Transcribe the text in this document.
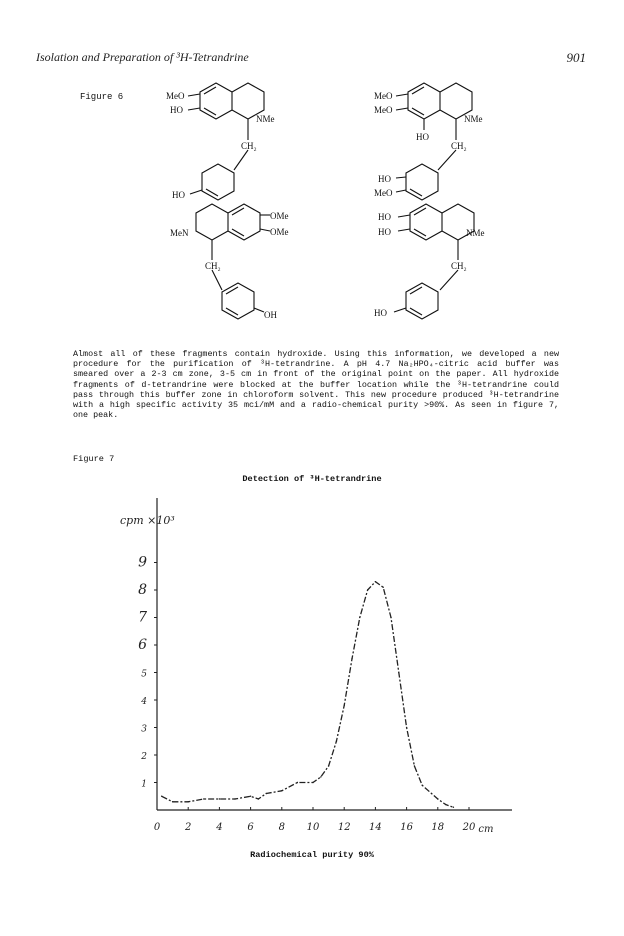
Isolation and Preparation of ³H-Tetrandrine	901
Figure 6	MeO
HO
NMe
CH₂
HO
OMe
OMe
MeN
CH₂
OH
MeO
MeO
HO
NMe
CH₂
HO
MeO
HO
HO	NMe
CH₂
HO

Almost all of these fragments contain hydroxide. Using this information, we developed a new procedure for the purification of ³H-tetrandrine. A pH 4.7 Na₂HPO₄-citric acid buffer was smeared over a 2-3 cm zone, 3-5 cm in front of the original point on the paper. All hydroxide fragments of d-tetrandrine were blocked at the buffer location while the ³H-tetrandrine could pass through this buffer zone in chloroform solvent. This new procedure produced ³H-tetrandrine with a high specific activity 35 mci/mM and a radio-chemical purity >90%. As seen in figure 7, one peak.

Figure 7
Detection of ³H-tetrandrine
0 2 4 6 8 10 12 14 16 18 20
1
2
3
4
5
6
7
8
9
cpm ×10³
cm
Radiochemical purity 90%
